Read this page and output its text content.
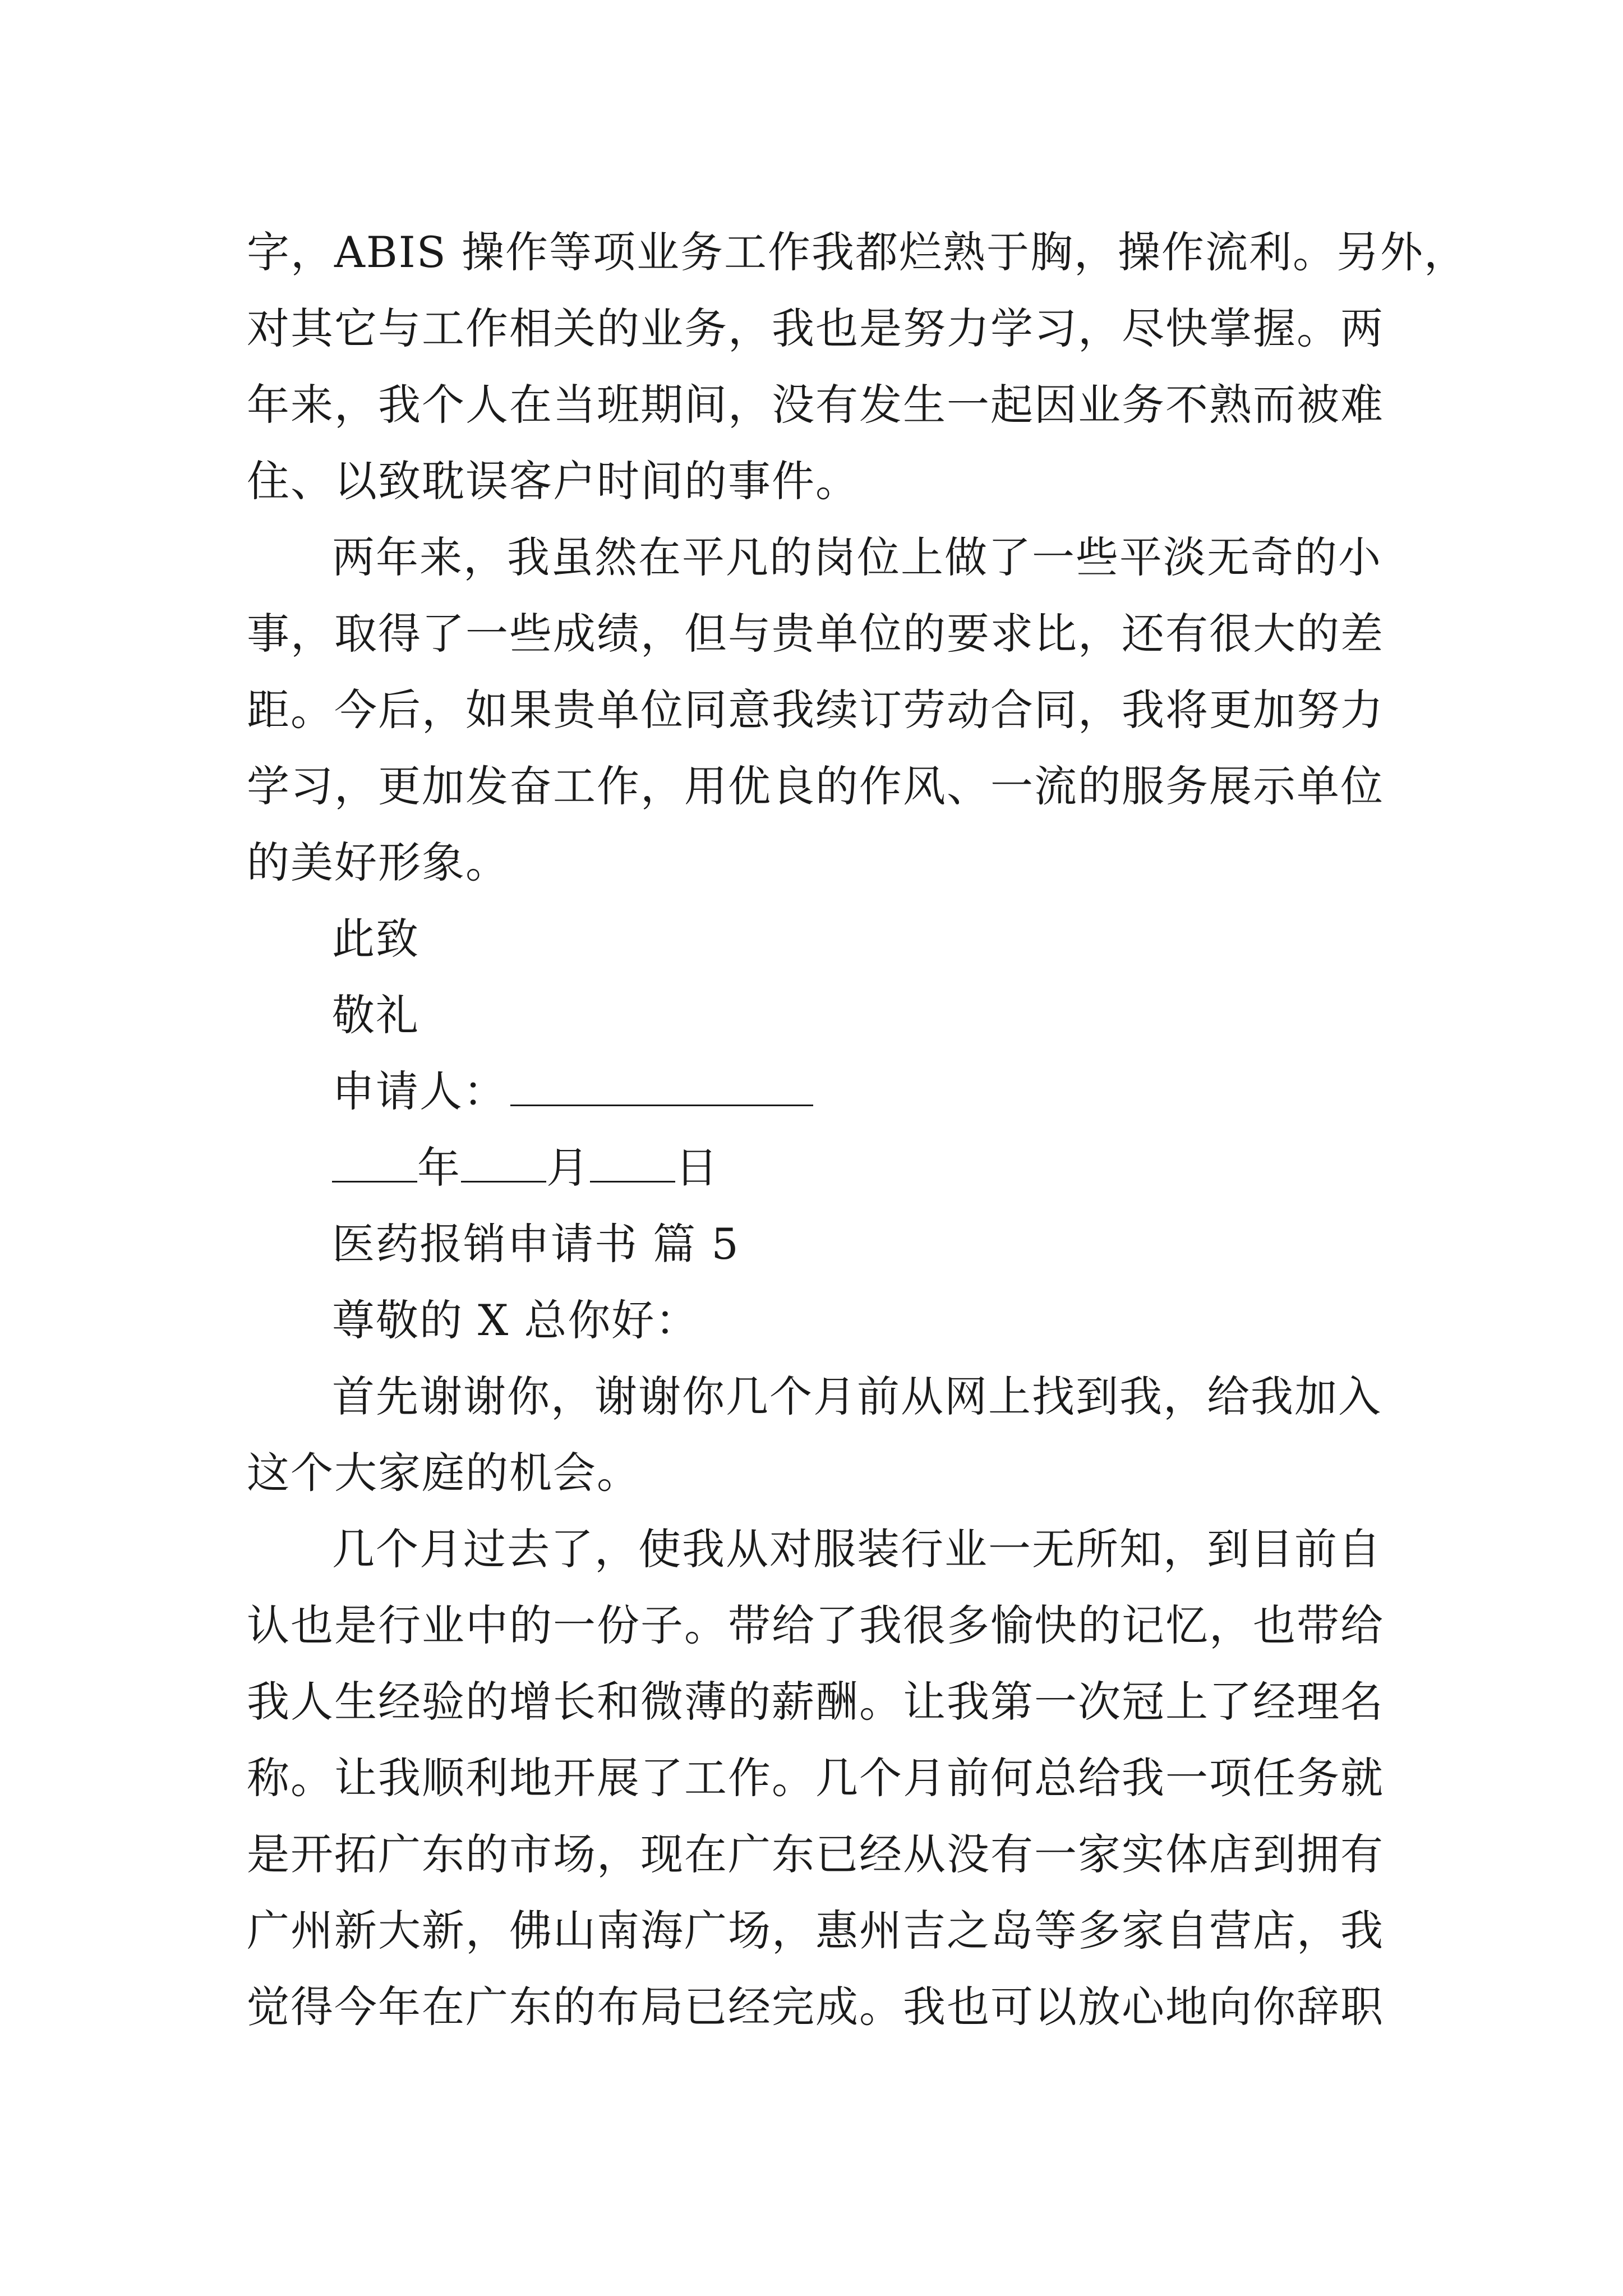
字，ABIS 操作等项业务工作我都烂熟于胸，操作流利。另外，
对其它与工作相关的业务，我也是努力学习，尽快掌握。两
年来，我个人在当班期间，没有发生一起因业务不熟而被难
住、以致耽误客户时间的事件。
两年来，我虽然在平凡的岗位上做了一些平淡无奇的小
事，取得了一些成绩，但与贵单位的要求比，还有很大的差
距。今后，如果贵单位同意我续订劳动合同，我将更加努力
学习，更加发奋工作，用优良的作风、一流的服务展示单位
的美好形象。
此致
敬礼
申请人：
年 月 日
医药报销申请书 篇 5
尊敬的 X 总你好：
首先谢谢你，谢谢你几个月前从网上找到我，给我加入
这个大家庭的机会。
几个月过去了，使我从对服装行业一无所知，到目前自
认也是行业中的一份子。带给了我很多愉快的记忆，也带给
我人生经验的增长和微薄的薪酬。让我第一次冠上了经理名
称。让我顺利地开展了工作。几个月前何总给我一项任务就
是开拓广东的市场，现在广东已经从没有一家实体店到拥有
广州新大新，佛山南海广场，惠州吉之岛等多家自营店，我
觉得今年在广东的布局已经完成。我也可以放心地向你辞职
